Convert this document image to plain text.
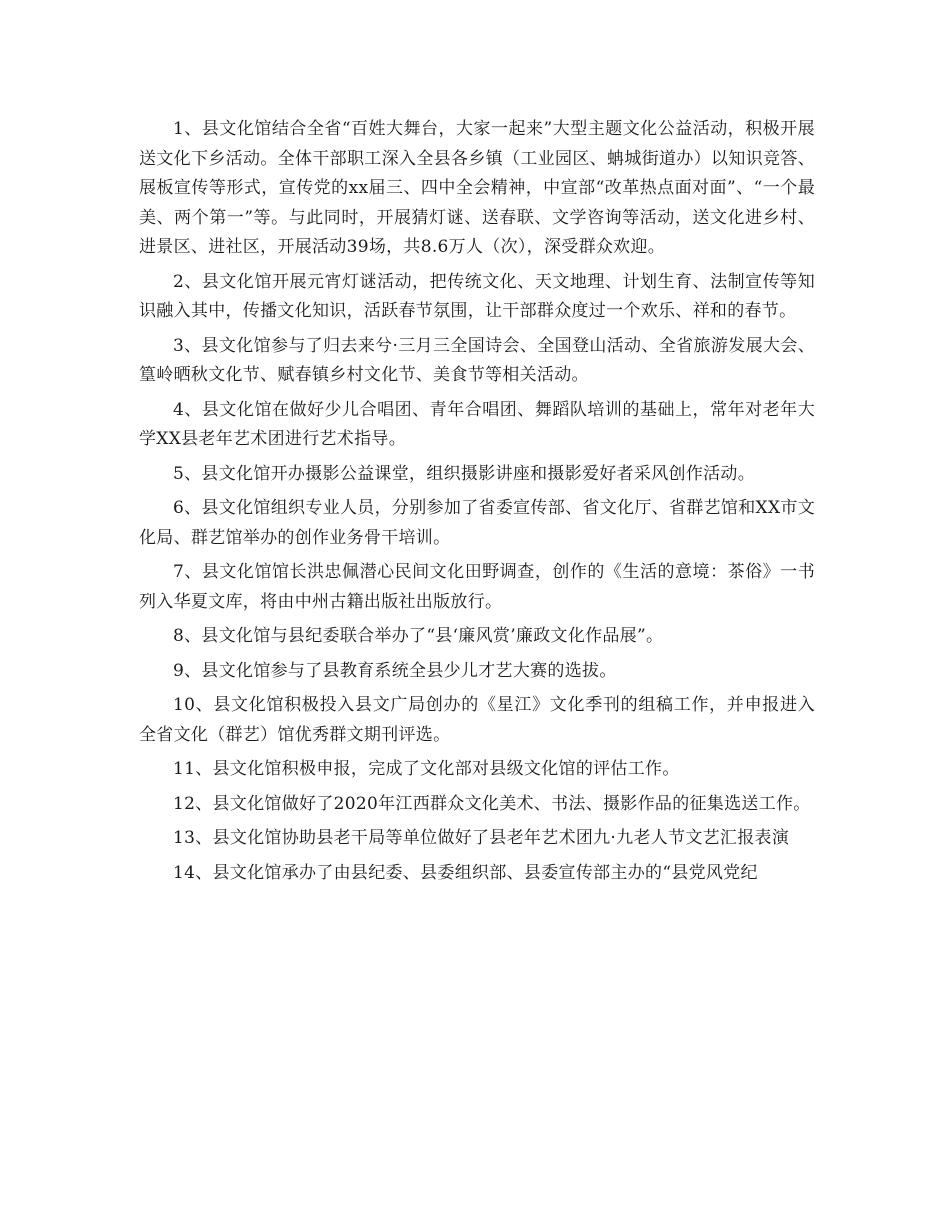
1、县文化馆结合全省“百姓大舞台，大家一起来”大型主题文化公益活动，积极开展送文化下乡活动。全体干部职工深入全县各乡镇（工业园区、蚺城街道办）以知识竞答、展板宣传等形式，宣传党的xx届三、四中全会精神，中宣部“改革热点面对面”、“一个最美、两个第一”等。与此同时，开展猜灯谜、送春联、文学咨询等活动，送文化进乡村、进景区、进社区，开展活动39场，共8.6万人（次），深受群众欢迎。

2、县文化馆开展元宵灯谜活动，把传统文化、天文地理、计划生育、法制宣传等知识融入其中，传播文化知识，活跃春节氛围，让干部群众度过一个欢乐、祥和的春节。

3、县文化馆参与了归去来兮·三月三全国诗会、全国登山活动、全省旅游发展大会、篁岭晒秋文化节、赋春镇乡村文化节、美食节等相关活动。

4、县文化馆在做好少儿合唱团、青年合唱团、舞蹈队培训的基础上，常年对老年大学XX县老年艺术团进行艺术指导。

5、县文化馆开办摄影公益课堂，组织摄影讲座和摄影爱好者采风创作活动。

6、县文化馆组织专业人员，分别参加了省委宣传部、省文化厅、省群艺馆和XX市文化局、群艺馆举办的创作业务骨干培训。

7、县文化馆馆长洪忠佩潜心民间文化田野调查，创作的《生活的意境：茶俗》一书列入华夏文库，将由中州古籍出版社出版放行。

8、县文化馆与县纪委联合举办了“县‘廉风赏’廉政文化作品展”。

9、县文化馆参与了县教育系统全县少儿才艺大赛的选拔。

10、县文化馆积极投入县文广局创办的《星江》文化季刊的组稿工作，并申报进入全省文化（群艺）馆优秀群文期刊评选。

11、县文化馆积极申报，完成了文化部对县级文化馆的评估工作。

12、县文化馆做好了2020年江西群众文化美术、书法、摄影作品的征集选送工作。

13、县文化馆协助县老干局等单位做好了县老年艺术团九·九老人节文艺汇报表演

14、县文化馆承办了由县纪委、县委组织部、县委宣传部主办的“县党风党纪
